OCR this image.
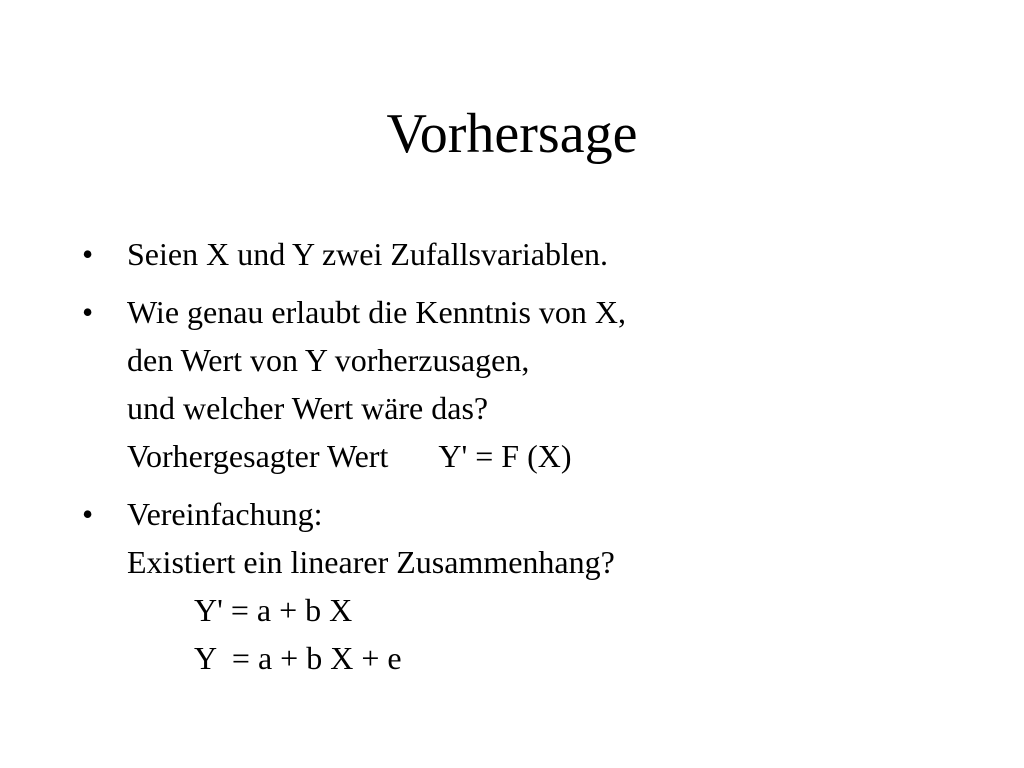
Vorhersage
• Seien X und Y zwei Zufallsvariablen.
• Wie genau erlaubt die Kenntnis von X,
den Wert von Y vorherzusagen,
und welcher Wert wäre das?
Vorhergesagter Wert Y' = F (X)
• Vereinfachung:
Existiert ein linearer Zusammenhang?
Y' = a + b X
Y  = a + b X + e
